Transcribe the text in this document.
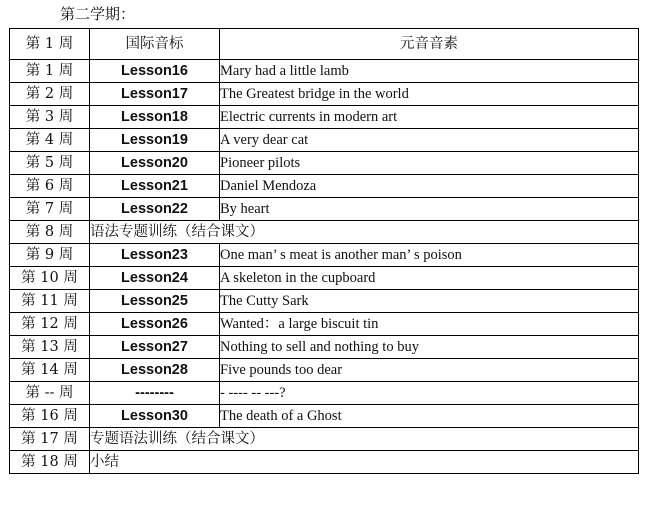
第二学期：
第 1 周	国际音标	元音音素
第 1 周	Lesson16	Mary had a little lamb
第 2 周	Lesson17	The Greatest bridge in the world
第 3 周	Lesson18	Electric currents in modern art
第 4 周	Lesson19	A very dear cat
第 5 周	Lesson20	Pioneer pilots
第 6 周	Lesson21	Daniel Mendoza
第 7 周	Lesson22	By heart
第 8 周	语法专题训练（结合课文）	
第 9 周	Lesson23	One man’ s meat is another man’ s poison
第 10 周	Lesson24	A skeleton in the cupboard
第 11 周	Lesson25	The Cutty Sark
第 12 周	Lesson26	Wanted：a large biscuit tin
第 13 周	Lesson27	Nothing to sell and nothing to buy
第 14 周	Lesson28	Five pounds too dear
第 -- 周	--------	- ---- -- ---?
第 16 周	Lesson30	The death of a Ghost
第 17 周	专题语法训练（结合课文）	
第 18 周	小结	
